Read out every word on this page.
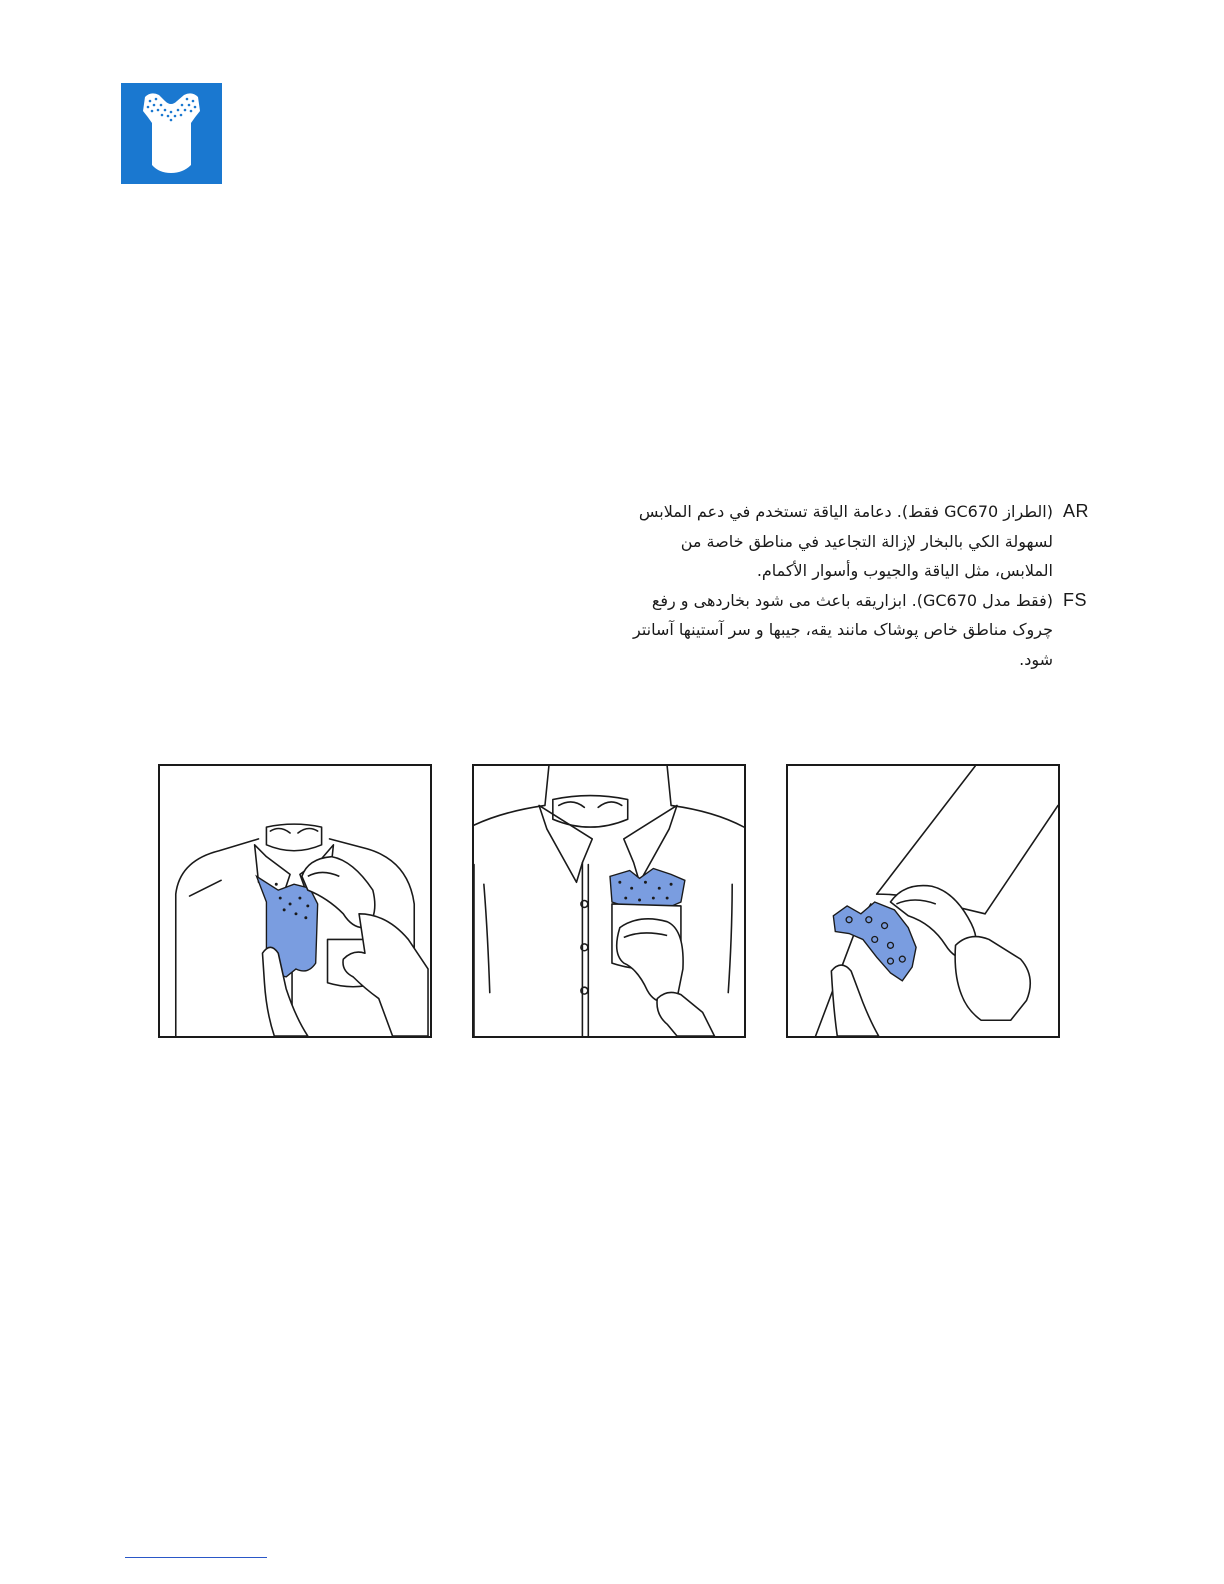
(الطراز GC670 فقط). دعامة الياقة تستخدم في دعم الملابس لسهولة الكي بالبخار لإزالة التجاعيد في مناطق خاصة من الملابس، مثل الياقة والجيوب وأسوار الأكمام.
AR
(فقط مدل GC670). ابزاریقه باعث می شود بخاردهی و رفع چروک مناطق خاص پوشاک مانند یقه، جیبها و سر آستینها آسانتر شود.
FS
